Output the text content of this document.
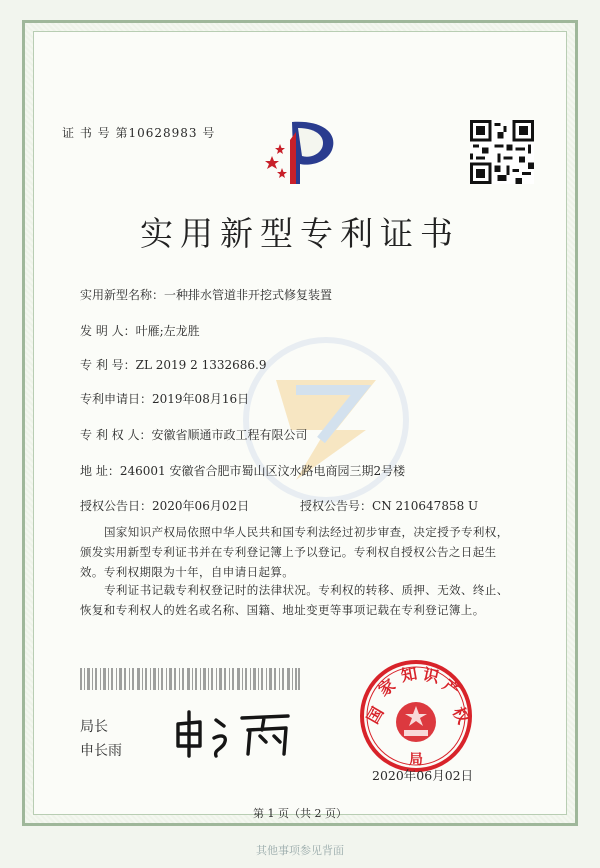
证 书 号 第10628983 号
实用新型专利证书
实用新型名称：一种排水管道非开挖式修复装置
发 明 人：叶雁;左龙胜
专 利 号：ZL 2019 2 1332686.9
专利申请日：2019年08月16日
专 利 权 人：安徽省顺通市政工程有限公司
地 址：246001 安徽省合肥市蜀山区汶水路电商园三期2号楼
授权公告日：2020年06月02日	授权公告号：CN 210647858 U
国家知识产权局依照中华人民共和国专利法经过初步审查，决定授予专利权，颁发实用新型专利证书并在专利登记簿上予以登记。专利权自授权公告之日起生效。专利权期限为十年，自申请日起算。
专利证书记载专利权登记时的法律状况。专利权的转移、质押、无效、终止、恢复和专利权人的姓名或名称、国籍、地址变更等事项记载在专利登记簿上。
局长
申长雨
国
家
知 识
产
权
局
2020年06月02日
第 1 页（共 2 页）
其他事项参见背面
